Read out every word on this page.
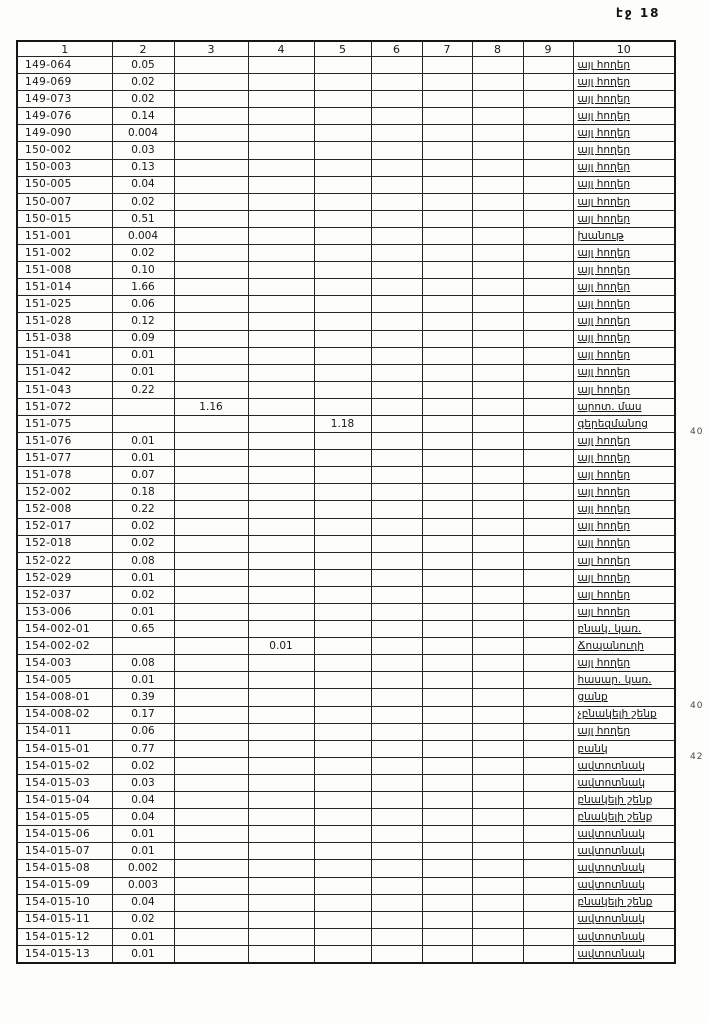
էջ 18
1	2	3	4	5	6	7	8	9	10
149-064	0.05								այլ հողեր
149-069	0.02								այլ հողեր
149-073	0.02								այլ հողեր
149-076	0.14								այլ հողեր
149-090	0.004								այլ հողեր
150-002	0.03								այլ հողեր
150-003	0.13								այլ հողեր
150-005	0.04								այլ հողեր
150-007	0.02								այլ հողեր
150-015	0.51								այլ հողեր
151-001	0.004								խանութ
151-002	0.02								այլ հողեր
151-008	0.10								այլ հողեր
151-014	1.66								այլ հողեր
151-025	0.06								այլ հողեր
151-028	0.12								այլ հողեր
151-038	0.09								այլ հողեր
151-041	0.01								այլ հողեր
151-042	0.01								այլ հողեր
151-043	0.22								այլ հողեր
151-072		1.16							արոտ. մաս
151-075				1.18					գերեզմանոց
151-076	0.01								այլ հողեր
151-077	0.01								այլ հողեր
151-078	0.07								այլ հողեր
152-002	0.18								այլ հողեր
152-008	0.22								այլ հողեր
152-017	0.02								այլ հողեր
152-018	0.02								այլ հողեր
152-022	0.08								այլ հողեր
152-029	0.01								այլ հողեր
152-037	0.02								այլ հողեր
153-006	0.01								այլ հողեր
154-002-01	0.65								բնակ. կառ.
154-002-02			0.01						Ճոպանուղի
154-003	0.08								այլ հողեր
154-005	0.01								հասար. կառ.
154-008-01	0.39								ցանք
154-008-02	0.17								չբնակելի շենք
154-011	0.06								այլ հողեր
154-015-01	0.77								բանկ
154-015-02	0.02								ավտոտնակ
154-015-03	0.03								ավտոտնակ
154-015-04	0.04								բնակելի շենք
154-015-05	0.04								բնակելի շենք
154-015-06	0.01								ավտոտնակ
154-015-07	0.01								ավտոտնակ
154-015-08	0.002								ավտոտնակ
154-015-09	0.003								ավտոտնակ
154-015-10	0.04								բնակելի շենք
154-015-11	0.02								ավտոտնակ
154-015-12	0.01								ավտոտնակ
154-015-13	0.01								ավտոտնակ
40
40
42
